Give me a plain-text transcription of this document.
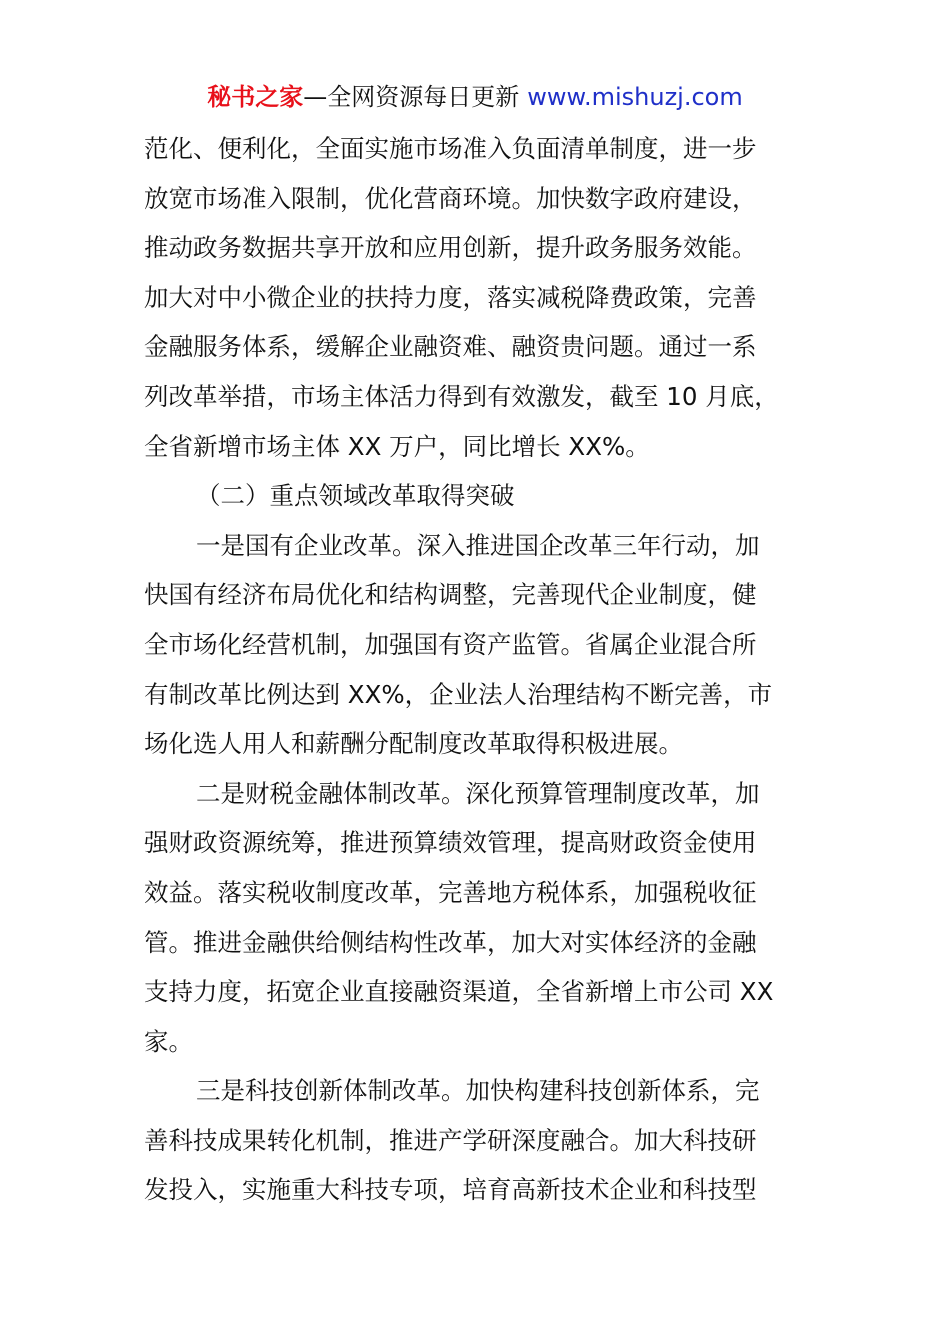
秘书之家—全网资源每日更新 www.mishuzj.com
范化、便利化，全面实施市场准入负面清单制度，进一步
放宽市场准入限制，优化营商环境。加快数字政府建设，
推动政务数据共享开放和应用创新，提升政务服务效能。
加大对中小微企业的扶持力度，落实减税降费政策，完善
金融服务体系，缓解企业融资难、融资贵问题。通过一系
列改革举措，市场主体活力得到有效激发，截至 10 月底，
全省新增市场主体 XX 万户，同比增长 XX%。
（二）重点领域改革取得突破
一是国有企业改革。深入推进国企改革三年行动，加
快国有经济布局优化和结构调整，完善现代企业制度，健
全市场化经营机制，加强国有资产监管。省属企业混合所
有制改革比例达到 XX%，企业法人治理结构不断完善，市
场化选人用人和薪酬分配制度改革取得积极进展。
二是财税金融体制改革。深化预算管理制度改革，加
强财政资源统筹，推进预算绩效管理，提高财政资金使用
效益。落实税收制度改革，完善地方税体系，加强税收征
管。推进金融供给侧结构性改革，加大对实体经济的金融
支持力度，拓宽企业直接融资渠道，全省新增上市公司 XX
家。
三是科技创新体制改革。加快构建科技创新体系，完
善科技成果转化机制，推进产学研深度融合。加大科技研
发投入，实施重大科技专项，培育高新技术企业和科技型
